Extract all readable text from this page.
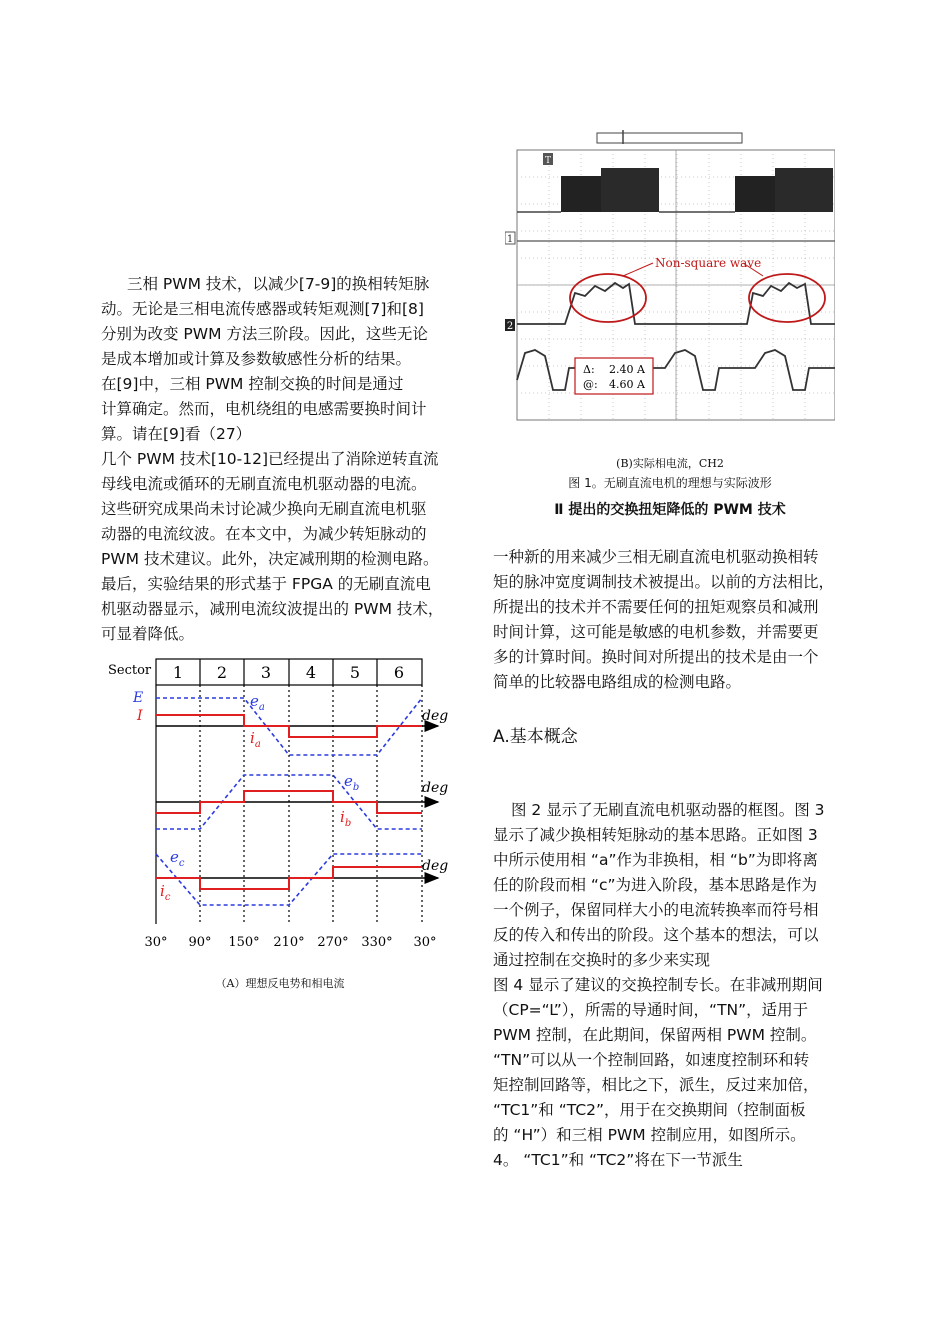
三相 PWM 技术，以减少[7-9]的换相转矩脉

动。无论是三相电流传感器或转矩观测[7]和[8]

分别为改变 PWM 方法三阶段。因此，这些无论

是成本增加或计算及参数敏感性分析的结果。

在[9]中，三相 PWM 控制交换的时间是通过

计算确定。然而，电机绕组的电感需要换时间计

算。请在[9]看（27）

几个 PWM 技术[10-12]已经提出了消除逆转直流

母线电流或循环的无刷直流电机驱动器的电流。

这些研究成果尚未讨论减少换向无刷直流电机驱

动器的电流纹波。在本文中，为减少转矩脉动的

PWM 技术建议。此外，决定减刑期的检测电路。

最后，实验结果的形式基于 FPGA 的无刷直流电

机驱动器显示，减刑电流纹波提出的 PWM 技术，

可显着降低。

Sector 1 2 3 4 5 6
E
I	deg
$e_a$
$i_a$
deg
$e_b$
$i_b$
deg
$e_c$
$i_c$
30° 90° 150° 210° 270° 330° 30°
（A）理想反电势和相电流
T
1
Non-square wave
2
Δ: 2.40 A
@: 4.60 A
(B)实际相电流，CH2
图 1。无刷直流电机的理想与实际波形
Ⅱ 提出的交换扭矩降低的 PWM 技术

一种新的用来减少三相无刷直流电机驱动换相转

矩的脉冲宽度调制技术被提出。以前的方法相比，

所提出的技术并不需要任何的扭矩观察员和减刑

时间计算，这可能是敏感的电机参数，并需要更

多的计算时间。换时间对所提出的技术是由一个

简单的比较器电路组成的检测电路。

A.基本概念

图 2 显示了无刷直流电机驱动器的框图。图 3

显示了减少换相转矩脉动的基本思路。正如图 3

中所示使用相 “a”作为非换相，相 “b”为即将离

任的阶段而相 “c”为进入阶段，基本思路是作为

一个例子，保留同样大小的电流转换率而符号相

反的传入和传出的阶段。这个基本的想法，可以

通过控制在交换时的多少来实现

图 4 显示了建议的交换控制专长。在非减刑期间

（CP=“L”），所需的导通时间，“TN”，适用于

PWM 控制，在此期间，保留两相 PWM 控制。

“TN”可以从一个控制回路，如速度控制环和转

矩控制回路等，相比之下，派生，反过来加倍，

“TC1”和 “TC2”，用于在交换期间（控制面板

的 “H”）和三相 PWM 控制应用，如图所示。

4。 “TC1”和 “TC2”将在下一节派生
